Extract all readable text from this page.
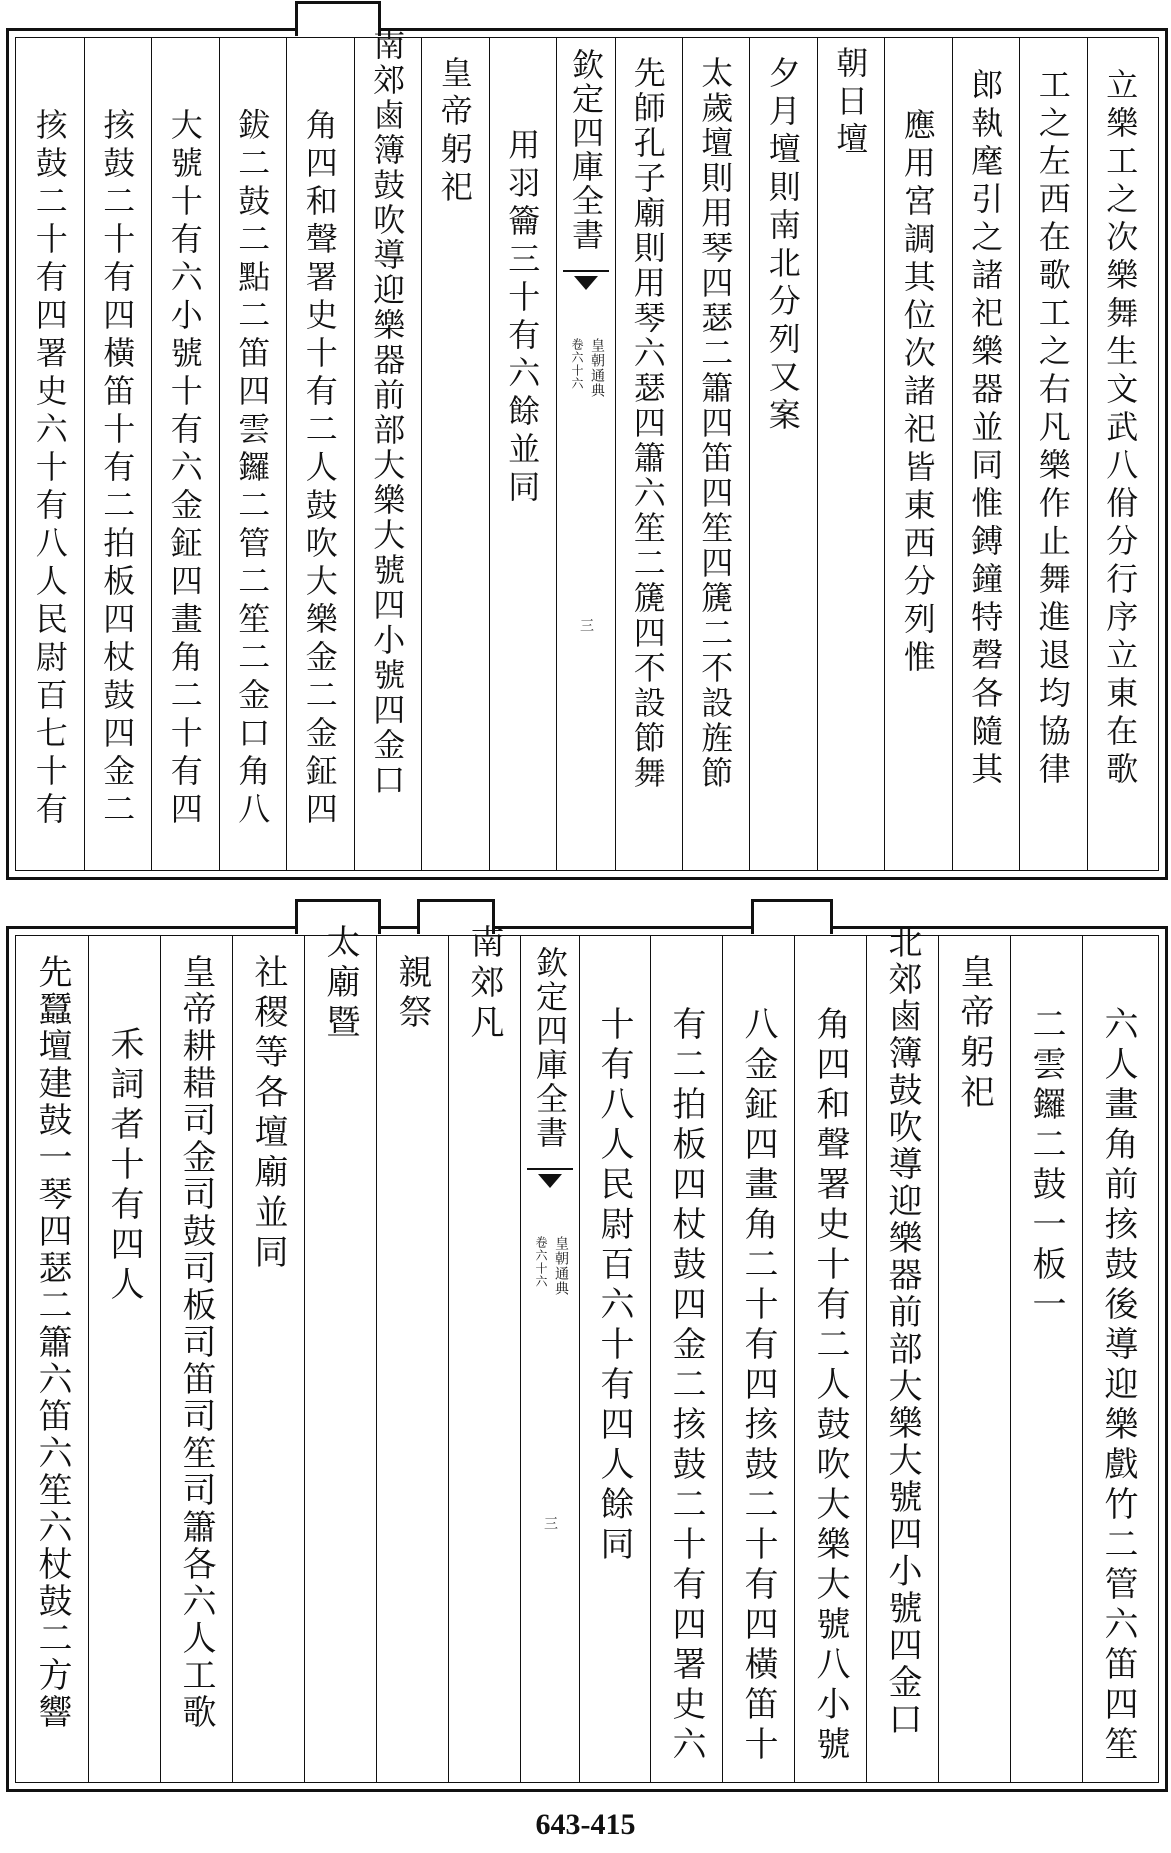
立樂工之次樂舞生文武八佾分行序立東在歌
工之左西在歌工之右凡樂作止舞進退均協律
郎執麾引之諸祀樂器並同惟鎛鐘特磬各隨其
應用宮調其位次諸祀皆東西分列惟
朝日壇
夕月壇則南北分列又案
太歲壇則用琴四瑟二簫四笛四笙四篪二不設旌節
先師孔子廟則用琴六瑟四簫六笙二篪四不設節舞
欽定四庫全書
皇朝通典
卷六十六
三
用羽籥三十有六餘並同
皇帝躬祀
南郊鹵簿鼓吹導迎樂器前部大樂大號四小號四金口
角四和聲署史十有二人鼓吹大樂金二金鉦四
鈸二鼓二點二笛四雲鑼二管二笙二金口角八
大號十有六小號十有六金鉦四畫角二十有四
㧡鼓二十有四橫笛十有二拍板四杖鼓四金二
㧡鼓二十有四署史六十有八人民尉百七十有
六人畫角前㧡鼓後導迎樂戲竹二管六笛四笙
二雲鑼二鼓一板一
皇帝躬祀
北郊鹵簿鼓吹導迎樂器前部大樂大號四小號四金口
角四和聲署史十有二人鼓吹大樂大號八小號
八金鉦四畫角二十有四㧡鼓二十有四橫笛十
有二拍板四杖鼓四金二㧡鼓二十有四署史六
十有八人民尉百六十有四人餘同
欽定四庫全書
皇朝通典
卷六十六
三
南郊凡
親祭
太廟暨
社稷等各壇廟並同
皇帝耕耤司金司鼓司板司笛司笙司簫各六人工歌
禾詞者十有四人
先蠶壇建鼓一琴四瑟二簫六笛六笙六杖鼓二方響
643-415
